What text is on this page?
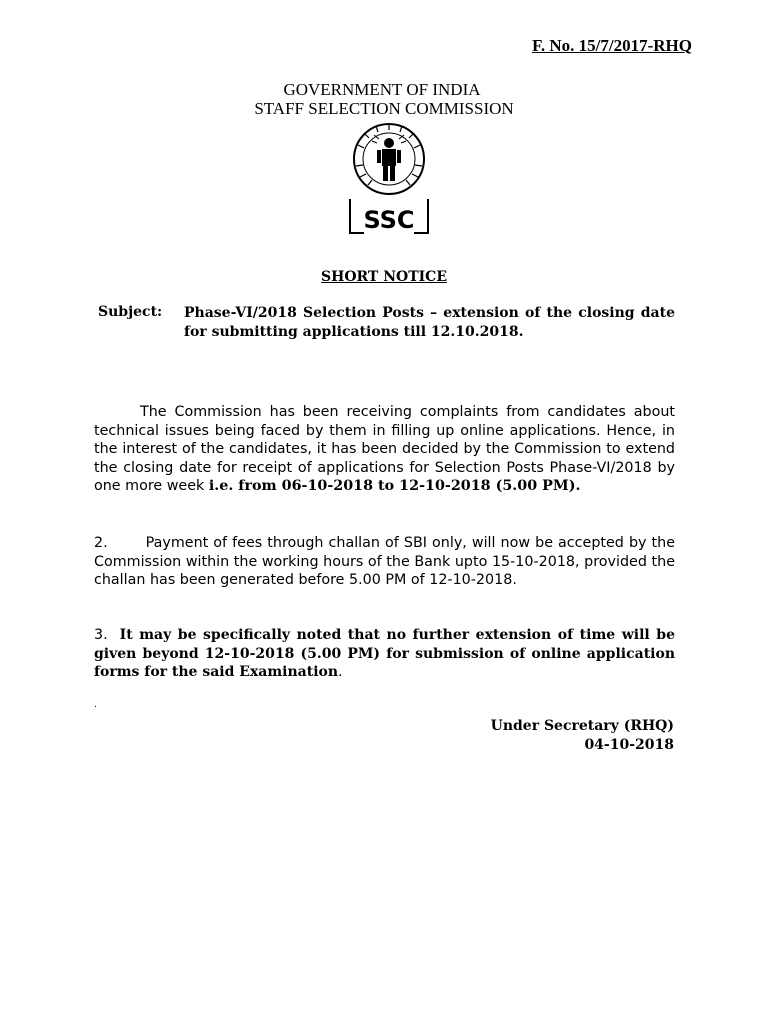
F. No. 15/7/2017-RHQ
GOVERNMENT OF INDIA
STAFF SELECTION COMMISSION
SSC
SHORT NOTICE
Subject: Phase-VI/2018 Selection Posts – extension of the closing date for submitting applications till 12.10.2018.
The Commission has been receiving complaints from candidates about technical issues being faced by them in filling up online applications. Hence, in the interest of the candidates, it has been decided by the Commission to extend the closing date for receipt of applications for Selection Posts Phase-VI/2018 by one more week i.e. from 06-10-2018 to 12-10-2018 (5.00 PM).
2.	Payment of fees through challan of SBI only, will now be accepted by the Commission within the working hours of the Bank upto 15-10-2018, provided the challan has been generated before 5.00 PM of 12-10-2018.
3. It may be specifically noted that no further extension of time will be given beyond 12-10-2018 (5.00 PM) for submission of online application forms for the said Examination.
.
Under Secretary (RHQ)
04-10-2018
